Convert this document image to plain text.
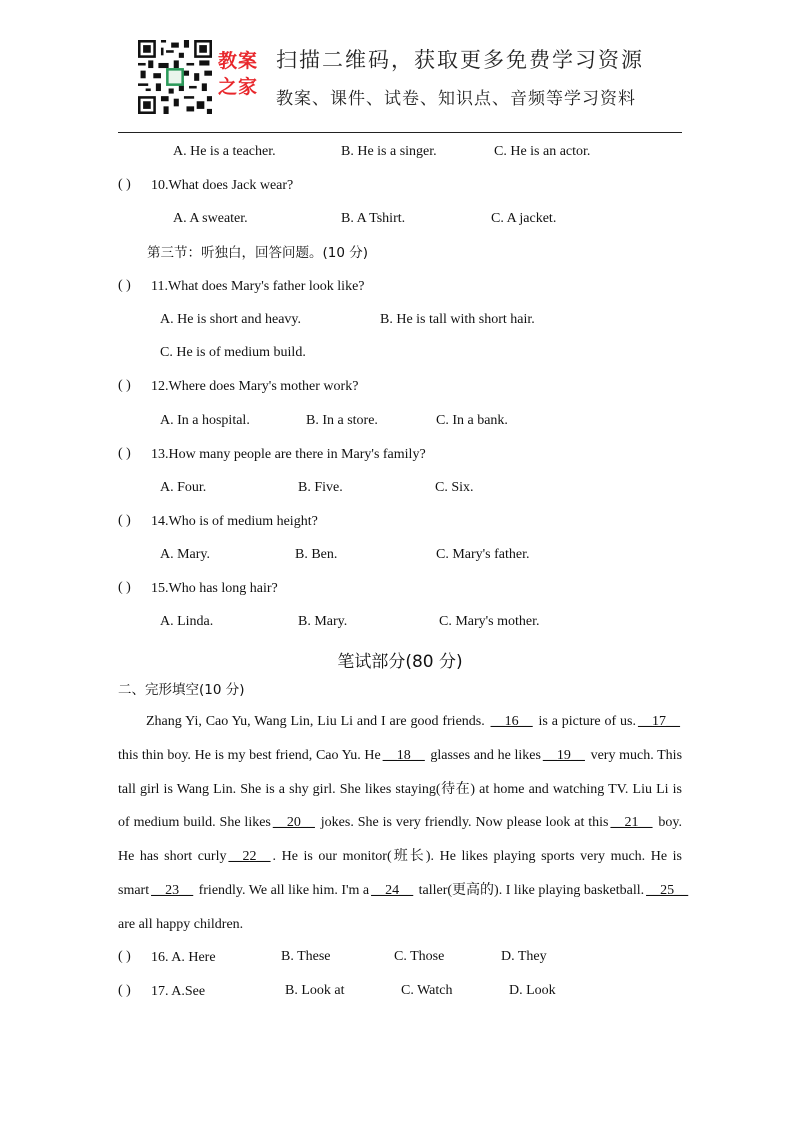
教案
之家
扫描二维码，获取更多免费学习资源
教案、课件、试卷、知识点、音频等学习资料
A. He is a teacher.	B. He is a singer.	C. He is an actor.
( ) 10.What does Jack wear?
A. A sweater.	B. A Tshirt.	C. A jacket.
第三节：听独白，回答问题。(10 分)
( ) 11.What does Mary's father look like?
A. He is short and heavy.	B. He is tall with short hair.
C. He is of medium build.
( ) 12.Where does Mary's mother work?
A. In a hospital.	B. In a store.	C. In a bank.
( ) 13.How many people are there in Mary's family?
A. Four.	B. Five.	C. Six.
( ) 14.Who is of medium height?
A. Mary.	B. Ben.	C. Mary's father.
( ) 15.Who has long hair?
A. Linda.	B. Mary.	C. Mary's mother.
笔试部分(80 分)
二、完形填空(10 分)

Zhang Yi, Cao Yu, Wang Lin, Liu Li and I are good friends. __16__ is a picture of us. __17__

this thin boy. He is my best friend, Cao Yu. He __18__ glasses and he likes __19__ very much. This

tall girl is Wang Lin. She is a shy girl. She likes staying(待在) at home and watching TV. Liu Li is

of medium build. She likes __20__ jokes. She is very friendly. Now please look at this __21__ boy.

He has short curly __22__ . He is our monitor(班长). He likes playing sports very much. He is

smart __23__ friendly. We all like him. I'm a __24__ taller(更高的). I like playing basketball. __25__

are all happy children.

( ) 16. A. Here	B. These	C. Those	D. They
( ) 17. A.See	B. Look at	C. Watch	D. Look
